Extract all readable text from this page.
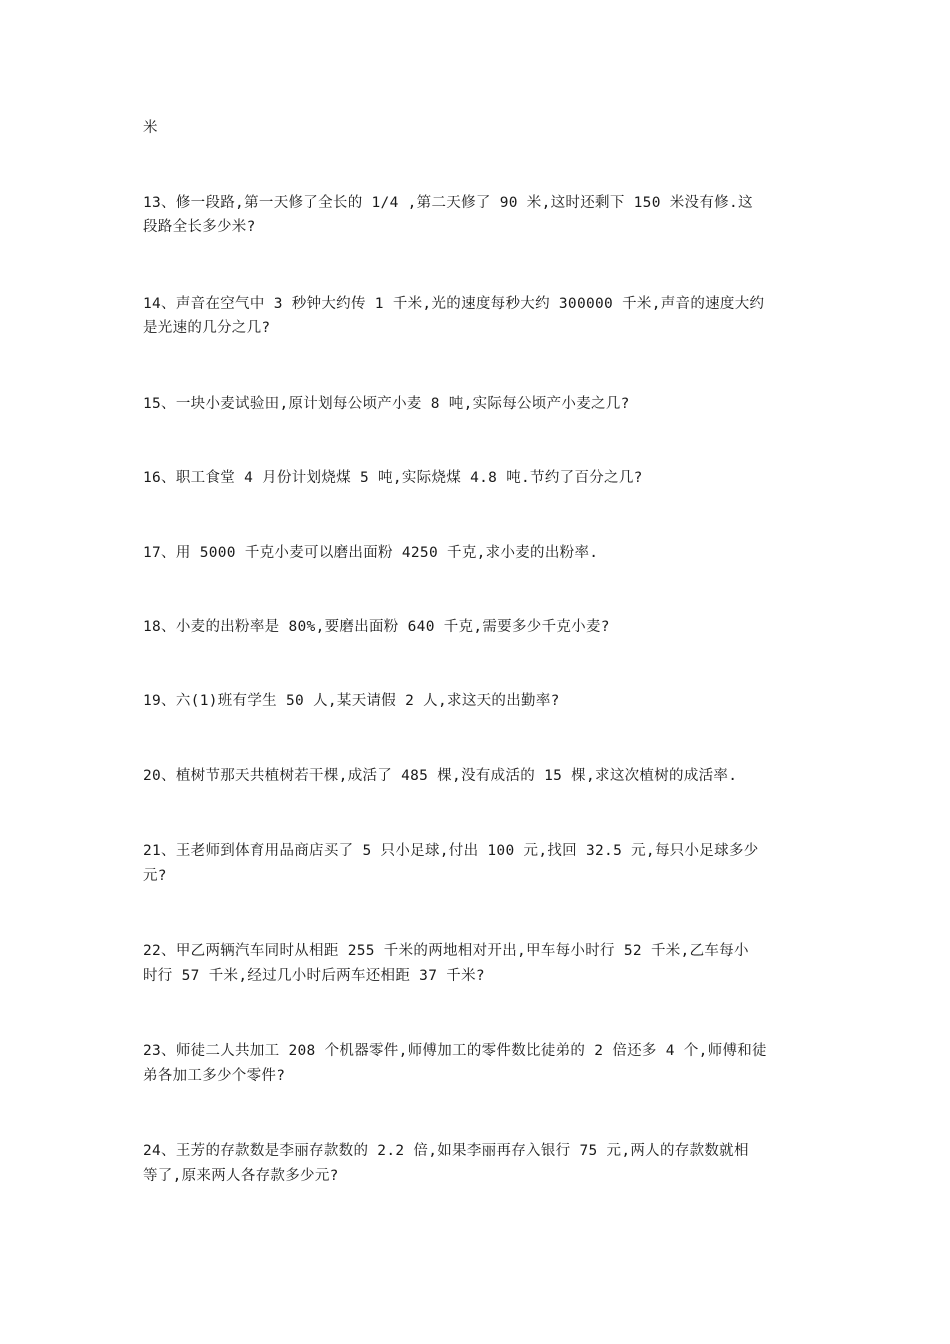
米
13、修一段路,第一天修了全长的 1/4 ,第二天修了 90 米,这时还剩下 150 米没有修.这
段路全长多少米?
14、声音在空气中 3 秒钟大约传 1 千米,光的速度每秒大约 300000 千米,声音的速度大约
是光速的几分之几?
15、一块小麦试验田,原计划每公顷产小麦 8 吨,实际每公顷产小麦之几?
16、职工食堂 4 月份计划烧煤 5 吨,实际烧煤 4.8 吨.节约了百分之几?
17、用 5000 千克小麦可以磨出面粉 4250 千克,求小麦的出粉率.
18、小麦的出粉率是 80%,要磨出面粉 640 千克,需要多少千克小麦?
19、六(1)班有学生 50 人,某天请假 2 人,求这天的出勤率?
20、植树节那天共植树若干棵,成活了 485 棵,没有成活的 15 棵,求这次植树的成活率.
21、王老师到体育用品商店买了 5 只小足球,付出 100 元,找回 32.5 元,每只小足球多少
元?
22、甲乙两辆汽车同时从相距 255 千米的两地相对开出,甲车每小时行 52 千米,乙车每小
时行 57 千米,经过几小时后两车还相距 37 千米?
23、师徒二人共加工 208 个机器零件,师傅加工的零件数比徒弟的 2 倍还多 4 个,师傅和徒
弟各加工多少个零件?
24、王芳的存款数是李丽存款数的 2.2 倍,如果李丽再存入银行 75 元,两人的存款数就相
等了,原来两人各存款多少元?
